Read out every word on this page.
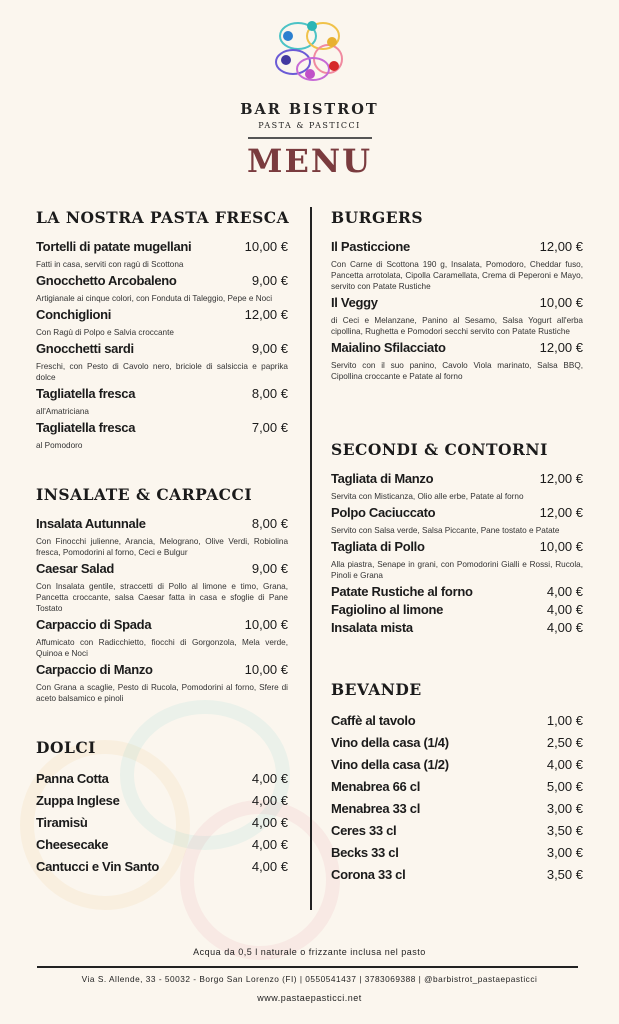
BAR BISTROT
PASTA & PASTICCI
MENU
LA NOSTRA PASTA FRESCA
Tortelli di patate mugellani	10,00 €
Fatti in casa, serviti con ragù di Scottona
Gnocchetto Arcobaleno	9,00 €
Artigianale ai cinque colori, con Fonduta di Taleggio, Pepe e Noci
Conchiglioni	12,00 €
Con Ragù di Polpo e Salvia croccante
Gnocchetti sardi	9,00 €
Freschi, con Pesto di Cavolo nero, briciole di salsiccia e paprika dolce
Tagliatella fresca	8,00 €
all'Amatriciana
Tagliatella fresca	7,00 €
al Pomodoro
INSALATE & CARPACCI
Insalata Autunnale	8,00 €
Con Finocchi julienne, Arancia, Melograno, Olive Verdi, Robiolina fresca, Pomodorini al forno, Ceci e Bulgur
Caesar Salad	9,00 €
Con Insalata gentile, straccetti di Pollo al limone e timo, Grana, Pancetta croccante, salsa Caesar fatta in casa e sfoglie di Pane Tostato
Carpaccio di Spada	10,00 €
Affumicato con Radicchietto, fiocchi di Gorgonzola, Mela verde, Quinoa e Noci
Carpaccio di Manzo	10,00 €
Con Grana a scaglie, Pesto di Rucola, Pomodorini al forno, Sfere di aceto balsamico e pinoli
DOLCI
Panna Cotta	4,00 €
Zuppa Inglese	4,00 €
Tiramisù	4,00 €
Cheesecake	4,00 €
Cantucci e Vin Santo	4,00 €
BURGERS
Il Pasticcione	12,00 €
Con Carne di Scottona 190 g, Insalata, Pomodoro, Cheddar fuso, Pancetta arrotolata, Cipolla Caramellata, Crema di Peperoni e Mayo, servito con Patate Rustiche
Il Veggy	10,00 €
di Ceci e Melanzane, Panino al Sesamo, Salsa Yogurt all'erba cipollina, Rughetta e Pomodori secchi servito con Patate Rustiche
Maialino Sfilacciato	12,00 €
Servito con il suo panino, Cavolo Viola marinato, Salsa BBQ, Cipollina croccante e Patate al forno
SECONDI & CONTORNI
Tagliata di Manzo	12,00 €
Servita con Misticanza, Olio alle erbe, Patate al forno
Polpo Caciuccato	12,00 €
Servito con Salsa verde, Salsa Piccante, Pane tostato e Patate
Tagliata di Pollo	10,00 €
Alla piastra, Senape in grani, con Pomodorini Gialli e Rossi, Rucola, Pinoli e Grana
Patate Rustiche al forno	4,00 €
Fagiolino al limone	4,00 €
Insalata mista	4,00 €
BEVANDE
Caffè al tavolo	1,00 €
Vino della casa (1/4)	2,50 €
Vino della casa (1/2)	4,00 €
Menabrea 66 cl	5,00 €
Menabrea 33 cl	3,00 €
Ceres 33 cl	3,50 €
Becks 33 cl	3,00 €
Corona 33 cl	3,50 €
Acqua da 0,5 l naturale o frizzante inclusa nel pasto
Via S. Allende, 33 - 50032 - Borgo San Lorenzo (FI) | 0550541437 | 3783069388 | @barbistrot_pastaepasticci
www.pastaepasticci.net
